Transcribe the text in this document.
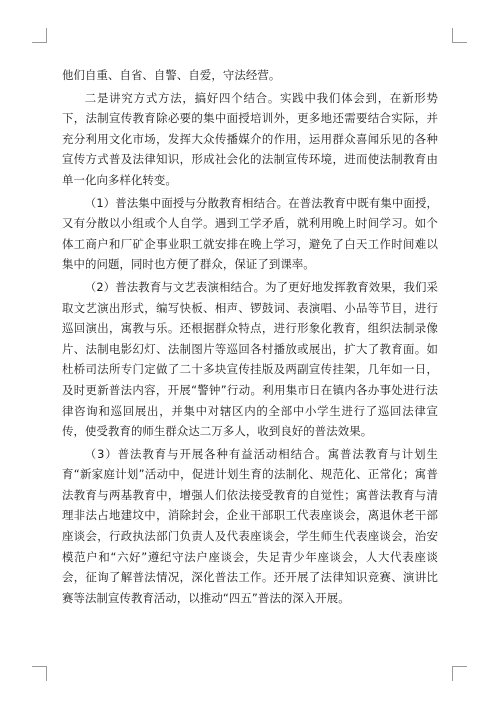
他们自重、自省、自警、自爱，守法经营。

二是讲究方式方法，搞好四个结合。实践中我们体会到，在新形势下，法制宣传教育除必要的集中面授培训外，更多地还需要结合实际，并充分利用文化市场，发挥大众传播媒介的作用，运用群众喜闻乐见的各种宣传方式普及法律知识，形成社会化的法制宣传环境，进而使法制教育由单一化向多样化转变。

（1）普法集中面授与分散教育相结合。在普法教育中既有集中面授，又有分散以小组或个人自学。遇到工学矛盾，就利用晚上时间学习。如个体工商户和厂矿企事业职工就安排在晚上学习，避免了白天工作时间难以集中的问题，同时也方便了群众，保证了到课率。

（2）普法教育与文艺表演相结合。为了更好地发挥教育效果，我们采取文艺演出形式，编写快板、相声、锣鼓词、表演唱、小品等节目，进行巡回演出，寓教与乐。还根据群众特点，进行形象化教育，组织法制录像片、法制电影幻灯、法制图片等巡回各村播放或展出，扩大了教育面。如杜桥司法所专门定做了二十多块宣传挂版及两副宣传挂架，几年如一日，及时更新普法内容，开展“警钟”行动。利用集市日在镇内各办事处进行法律咨询和巡回展出，并集中对辖区内的全部中小学生进行了巡回法律宣传，使受教育的师生群众达二万多人，收到良好的普法效果。

（3）普法教育与开展各种有益活动相结合。寓普法教育与计划生育“新家庭计划”活动中，促进计划生育的法制化、规范化、正常化；寓普法教育与两基教育中，增强人们依法接受教育的自觉性；寓普法教育与清理非法占地建坟中，消除封会，企业干部职工代表座谈会，离退休老干部座谈会，行政执法部门负责人及代表座谈会，学生师生代表座谈会，治安模范户和“六好”遵纪守法户座谈会，失足青少年座谈会，人大代表座谈会，征询了解普法情况，深化普法工作。还开展了法律知识竞赛、演讲比赛等法制宣传教育活动，以推动“四五”普法的深入开展。
